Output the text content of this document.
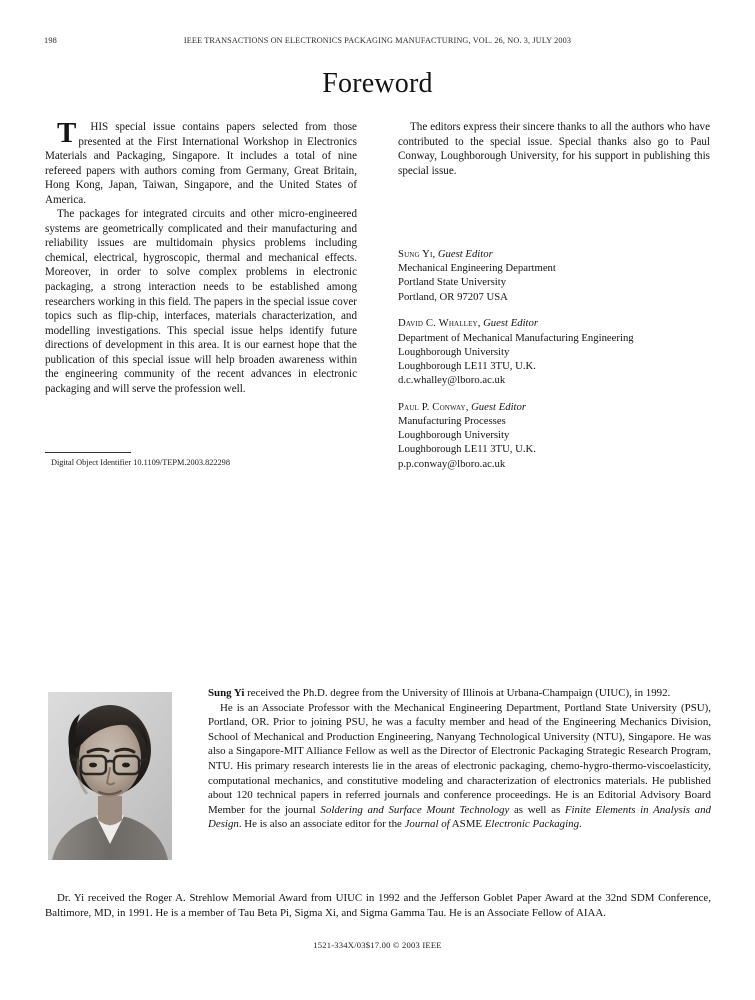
198	IEEE TRANSACTIONS ON ELECTRONICS PACKAGING MANUFACTURING, VOL. 26, NO. 3, JULY 2003
Foreword

T HIS special issue contains papers selected from those presented at the First International Workshop in Electronics Materials and Packaging, Singapore. It includes a total of nine refereed papers with authors coming from Germany, Great Britain, Hong Kong, Japan, Taiwan, Singapore, and the United States of America.

The packages for integrated circuits and other micro-engineered systems are geometrically complicated and their manufacturing and reliability issues are multidomain physics problems including chemical, electrical, hygroscopic, thermal and mechanical effects. Moreover, in order to solve complex problems in electronic packaging, a strong interaction needs to be established among researchers working in this field. The papers in the special issue cover topics such as flip-chip, interfaces, materials characterization, and modelling investigations. This special issue helps identify future directions of development in this area. It is our earnest hope that the publication of this special issue will help broaden awareness within the engineering community of the recent advances in electronic packaging and will serve the profession well.

The editors express their sincere thanks to all the authors who have contributed to the special issue. Special thanks also go to Paul Conway, Loughborough University, for his support in publishing this special issue.

Digital Object Identifier 10.1109/TEPM.2003.822298
Sung Yi, Guest Editor
Mechanical Engineering Department
Portland State University
Portland, OR 97207 USA
David C. Whalley, Guest Editor
Department of Mechanical Manufacturing Engineering
Loughborough University
Loughborough LE11 3TU, U.K.
d.c.whalley@lboro.ac.uk
Paul P. Conway, Guest Editor
Manufacturing Processes
Loughborough University
Loughborough LE11 3TU, U.K.
p.p.conway@lboro.ac.uk

Sung Yi received the Ph.D. degree from the University of Illinois at Urbana-Champaign (UIUC), in 1992.

He is an Associate Professor with the Mechanical Engineering Department, Portland State University (PSU), Portland, OR. Prior to joining PSU, he was a faculty member and head of the Engineering Mechanics Division, School of Mechanical and Production Engineering, Nanyang Technological University (NTU), Singapore. He was also a Singapore-MIT Alliance Fellow as well as the Director of Electronic Packaging Strategic Research Program, NTU. His primary research interests lie in the areas of electronic packaging, chemo-hygro-thermo-viscoelasticity, computational mechanics, and constitutive modeling and characterization of electronics materials. He published about 120 technical papers in referred journals and conference proceedings. He is an Editorial Advisory Board Member for the journal Soldering and Surface Mount Technology as well as Finite Elements in Analysis and Design. He is also an associate editor for the Journal of ASME Electronic Packaging.

Dr. Yi received the Roger A. Strehlow Memorial Award from UIUC in 1992 and the Jefferson Goblet Paper Award at the 32nd SDM Conference, Baltimore, MD, in 1991. He is a member of Tau Beta Pi, Sigma Xi, and Sigma Gamma Tau. He is an Associate Fellow of AIAA.

1521-334X/03$17.00 © 2003 IEEE
